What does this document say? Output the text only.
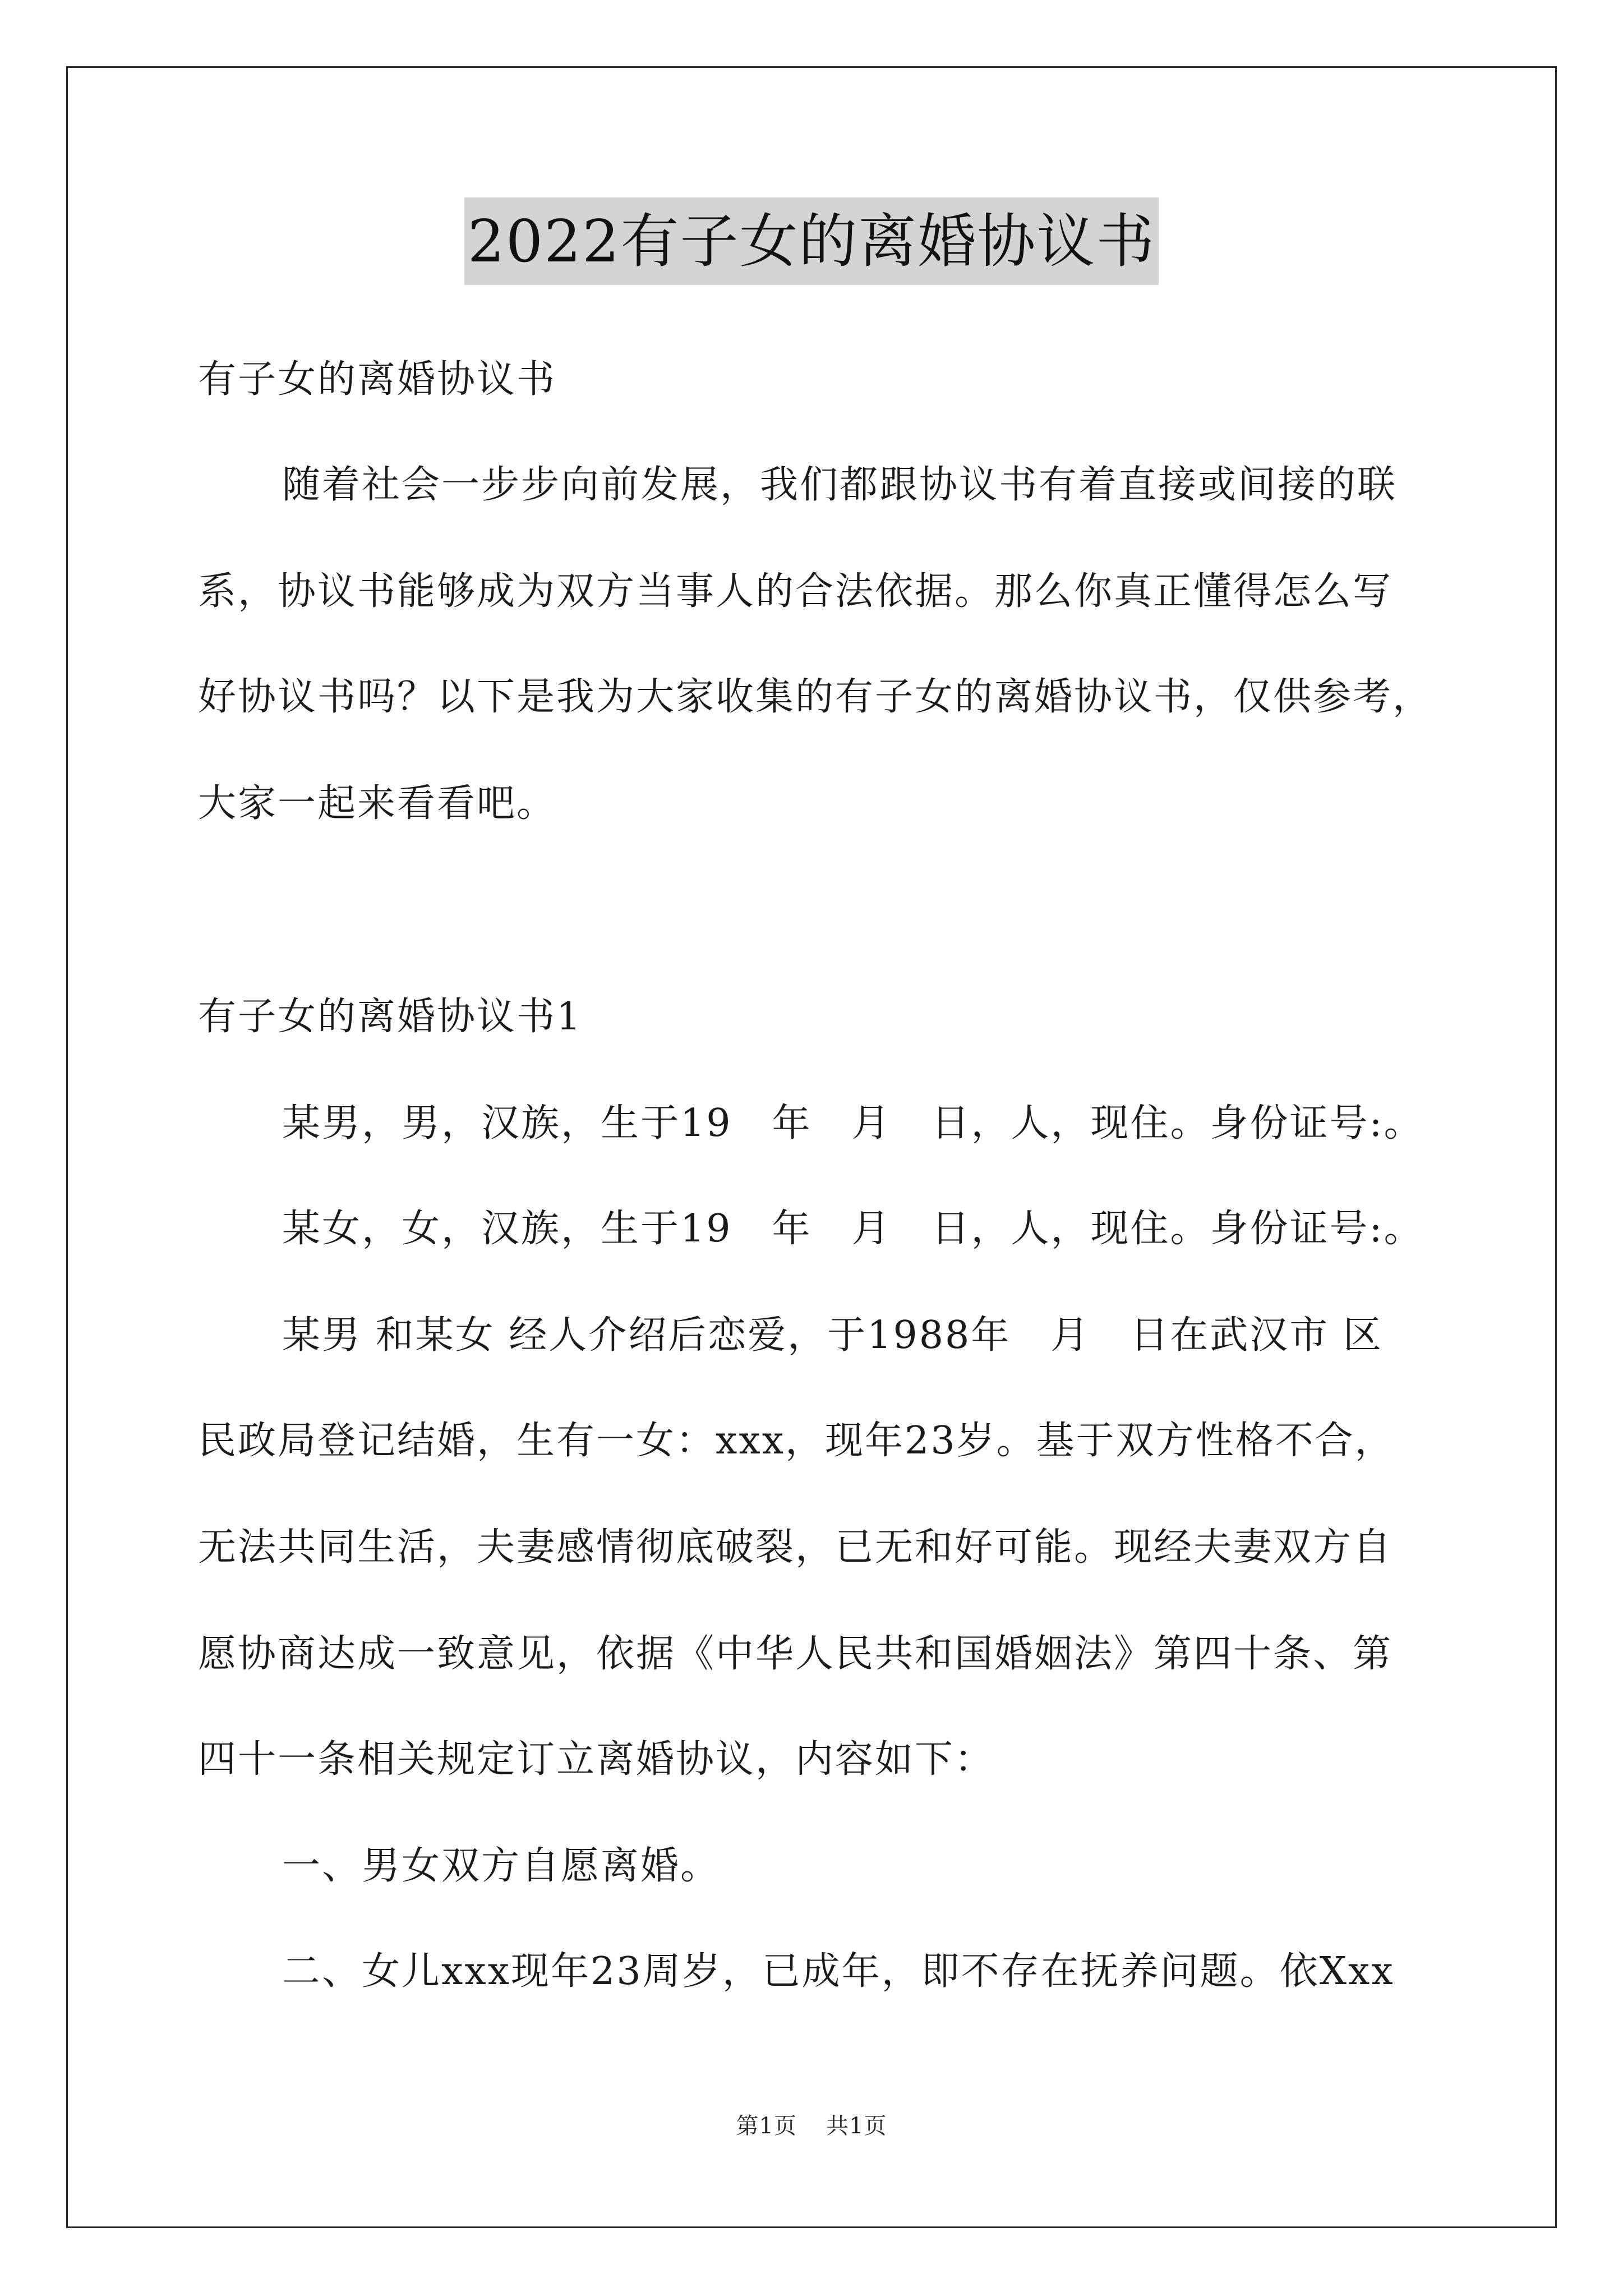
2022有子女的离婚协议书
有子女的离婚协议书
随着社会一步步向前发展，我们都跟协议书有着直接或间接的联
系，协议书能够成为双方当事人的合法依据。那么你真正懂得怎么写
好协议书吗？以下是我为大家收集的有子女的离婚协议书，仅供参考，
大家一起来看看吧。
有子女的离婚协议书1
某男，男，汉族，生于19　年　月　日，人，现住。身份证号:。
某女，女，汉族，生于19　年　月　日，人，现住。身份证号:。
某男 和某女 经人介绍后恋爱，于1988年　月　日在武汉市 区
民政局登记结婚，生有一女：xxx，现年23岁。基于双方性格不合，
无法共同生活，夫妻感情彻底破裂，已无和好可能。现经夫妻双方自
愿协商达成一致意见，依据《中华人民共和国婚姻法》第四十条、第
四十一条相关规定订立离婚协议，内容如下：
一、男女双方自愿离婚。
二、女儿xxx现年23周岁，已成年，即不存在抚养问题。依Xxx
第1页 共1页
